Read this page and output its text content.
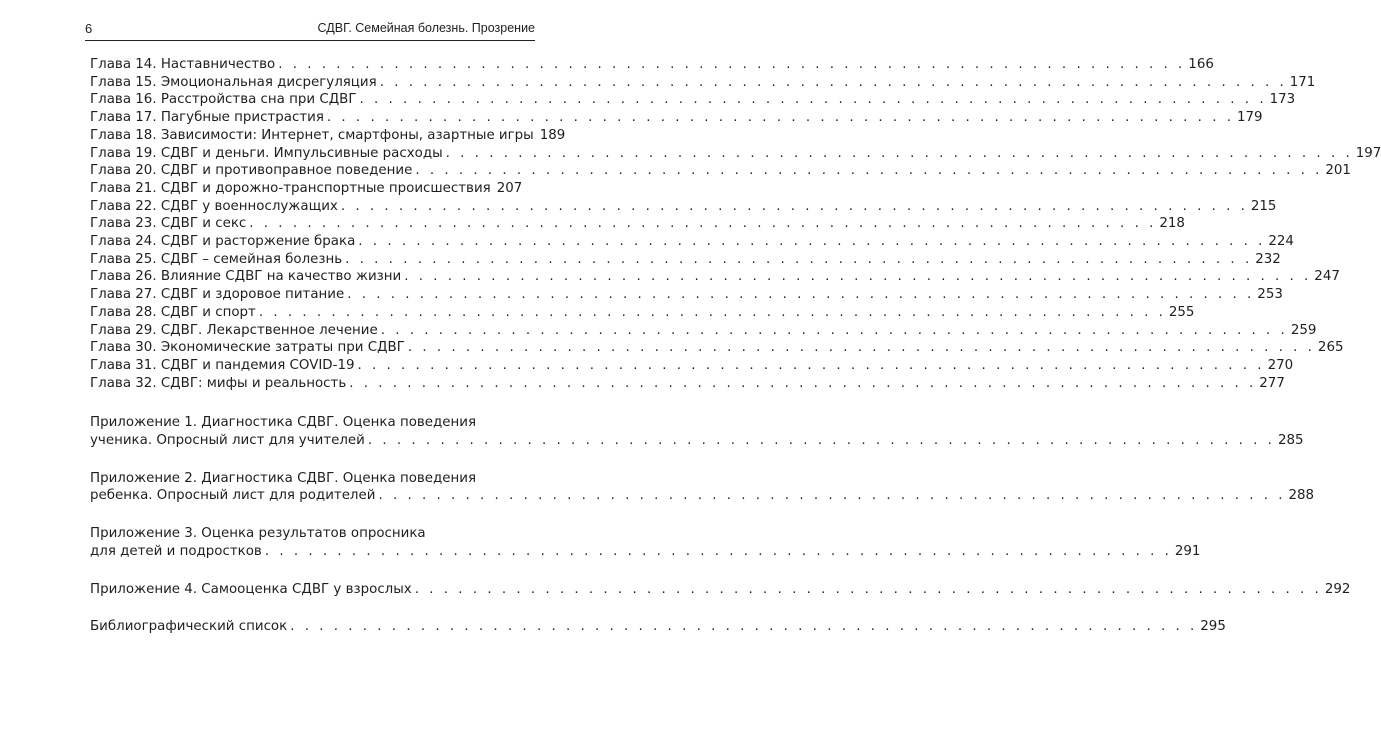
6	СДВГ. Семейная болезнь. Прозрение
Глава 14. Наставничество . . . . . . . . . . . . . . . . . . . . . . . . . . . . . . . . . . . . . . . . . . . . . . . . . . . . . . . . . . . . . . . 166
Глава 15. Эмоциональная дисрегуляция . . . . . . . . . . . . . . . . . . . . . . . . . . . . . . . . . . . . . . . . . . . . . . . . . . . . . . . . . . . . . . . 171
Глава 16. Расстройства сна при СДВГ . . . . . . . . . . . . . . . . . . . . . . . . . . . . . . . . . . . . . . . . . . . . . . . . . . . . . . . . . . . . . . . 173
Глава 17. Пагубные пристрастия . . . . . . . . . . . . . . . . . . . . . . . . . . . . . . . . . . . . . . . . . . . . . . . . . . . . . . . . . . . . . . . 179
Глава 18. Зависимости: Интернет, смартфоны, азартные игры 189
Глава 19. СДВГ и деньги. Импульсивные расходы . . . . . . . . . . . . . . . . . . . . . . . . . . . . . . . . . . . . . . . . . . . . . . . . . . . . . . . . . . . . . . . 197
Глава 20. СДВГ и противоправное поведение . . . . . . . . . . . . . . . . . . . . . . . . . . . . . . . . . . . . . . . . . . . . . . . . . . . . . . . . . . . . . . . 201
Глава 21. СДВГ и дорожно-транспортные происшествия 207
Глава 22. СДВГ у военнослужащих . . . . . . . . . . . . . . . . . . . . . . . . . . . . . . . . . . . . . . . . . . . . . . . . . . . . . . . . . . . . . . . 215
Глава 23. СДВГ и секс . . . . . . . . . . . . . . . . . . . . . . . . . . . . . . . . . . . . . . . . . . . . . . . . . . . . . . . . . . . . . . . 218
Глава 24. СДВГ и расторжение брака . . . . . . . . . . . . . . . . . . . . . . . . . . . . . . . . . . . . . . . . . . . . . . . . . . . . . . . . . . . . . . . 224
Глава 25. СДВГ – семейная болезнь . . . . . . . . . . . . . . . . . . . . . . . . . . . . . . . . . . . . . . . . . . . . . . . . . . . . . . . . . . . . . . . 232
Глава 26. Влияние СДВГ на качество жизни . . . . . . . . . . . . . . . . . . . . . . . . . . . . . . . . . . . . . . . . . . . . . . . . . . . . . . . . . . . . . . . 247
Глава 27. СДВГ и здоровое питание . . . . . . . . . . . . . . . . . . . . . . . . . . . . . . . . . . . . . . . . . . . . . . . . . . . . . . . . . . . . . . . 253
Глава 28. СДВГ и спорт . . . . . . . . . . . . . . . . . . . . . . . . . . . . . . . . . . . . . . . . . . . . . . . . . . . . . . . . . . . . . . . 255
Глава 29. СДВГ. Лекарственное лечение . . . . . . . . . . . . . . . . . . . . . . . . . . . . . . . . . . . . . . . . . . . . . . . . . . . . . . . . . . . . . . . 259
Глава 30. Экономические затраты при СДВГ . . . . . . . . . . . . . . . . . . . . . . . . . . . . . . . . . . . . . . . . . . . . . . . . . . . . . . . . . . . . . . . 265
Глава 31. СДВГ и пандемия COVID-19 . . . . . . . . . . . . . . . . . . . . . . . . . . . . . . . . . . . . . . . . . . . . . . . . . . . . . . . . . . . . . . . 270
Глава 32. СДВГ: мифы и реальность . . . . . . . . . . . . . . . . . . . . . . . . . . . . . . . . . . . . . . . . . . . . . . . . . . . . . . . . . . . . . . . 277
Приложение 1. Диагностика СДВГ. Оценка поведения
ученика. Опросный лист для учителей . . . . . . . . . . . . . . . . . . . . . . . . . . . . . . . . . . . . . . . . . . . . . . . . . . . . . . . . . . . . . . . 285
Приложение 2. Диагностика СДВГ. Оценка поведения
ребенка. Опросный лист для родителей . . . . . . . . . . . . . . . . . . . . . . . . . . . . . . . . . . . . . . . . . . . . . . . . . . . . . . . . . . . . . . . 288
Приложение 3. Оценка результатов опросника
для детей и подростков . . . . . . . . . . . . . . . . . . . . . . . . . . . . . . . . . . . . . . . . . . . . . . . . . . . . . . . . . . . . . . . 291
Приложение 4. Самооценка СДВГ у взрослых . . . . . . . . . . . . . . . . . . . . . . . . . . . . . . . . . . . . . . . . . . . . . . . . . . . . . . . . . . . . . . . 292
Библиографический список . . . . . . . . . . . . . . . . . . . . . . . . . . . . . . . . . . . . . . . . . . . . . . . . . . . . . . . . . . . . . . . 295
